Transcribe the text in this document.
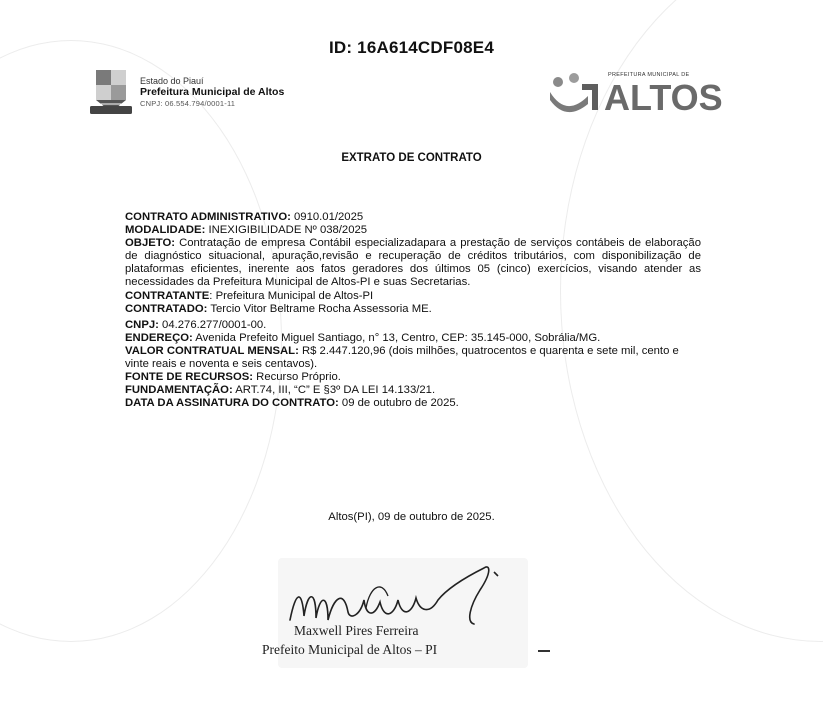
ID: 16A614CDF08E4
Estado do Piauí
Prefeitura Municipal de Altos
CNPJ: 06.554.794/0001-11
PREFEITURA MUNICIPAL DE
ALTOS
EXTRATO DE CONTRATO

CONTRATO ADMINISTRATIVO: 0910.01/2025

MODALIDADE: INEXIGIBILIDADE Nº 038/2025

OBJETO: Contratação de empresa Contábil especializadapara a prestação de serviços contábeis de elaboração de diagnóstico situacional, apuração,revisão e recuperação de créditos tributários, com disponibilização de plataformas eficientes, inerente aos fatos geradores dos últimos 05 (cinco) exercícios, visando atender as necessidades da Prefeitura Municipal de Altos-PI e suas Secretarias.

CONTRATANTE: Prefeitura Municipal de Altos-PI

CONTRATADO: Tercio Vitor Beltrame Rocha Assessoria ME.

CNPJ: 04.276.277/0001-00.

ENDEREÇO: Avenida Prefeito Miguel Santiago, n° 13, Centro, CEP: 35.145-000, Sobrália/MG.

VALOR CONTRATUAL MENSAL: R$ 2.447.120,96 (dois milhões, quatrocentos e quarenta e sete mil, cento e vinte reais e noventa e seis centavos).

FONTE DE RECURSOS: Recurso Próprio.

FUNDAMENTAÇÃO: ART.74, III, “C” E §3º DA LEI 14.133/21.

DATA DA ASSINATURA DO CONTRATO: 09 de outubro de 2025.

Altos(PI), 09 de outubro de 2025.
Maxwell Pires Ferreira
Prefeito Municipal de Altos – PI
